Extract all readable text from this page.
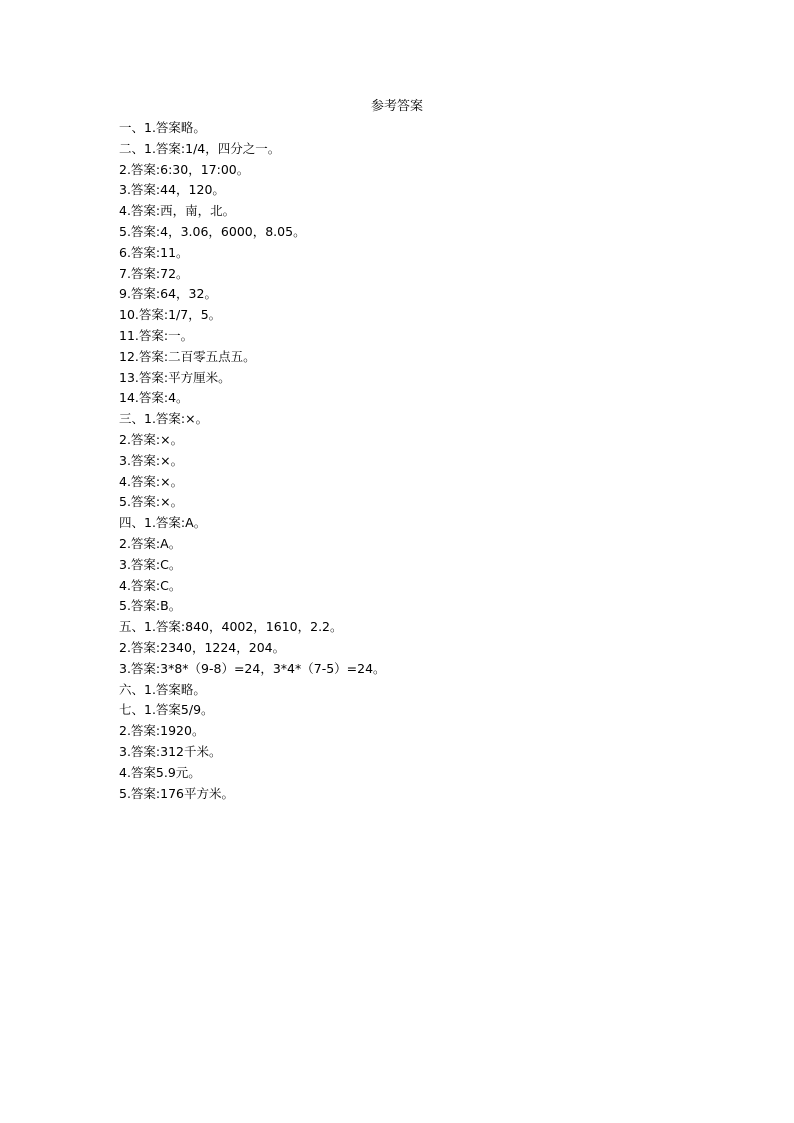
参考答案
一、1.答案略。
二、1.答案:1/4，四分之一。
2.答案:6:30，17:00。
3.答案:44，120。
4.答案:西，南，北。
5.答案:4，3.06，6000，8.05。
6.答案:11。
7.答案:72。
9.答案:64，32。
10.答案:1/7，5。
11.答案:一。
12.答案:二百零五点五。
13.答案:平方厘米。
14.答案:4。
三、1.答案:×。
2.答案:×。
3.答案:×。
4.答案:×。
5.答案:×。
四、1.答案:A。
2.答案:A。
3.答案:C。
4.答案:C。
5.答案:B。
五、1.答案:840，4002，1610，2.2。
2.答案:2340，1224，204。
3.答案:3*8*（9-8）=24，3*4*（7-5）=24。
六、1.答案略。
七、1.答案5/9。
2.答案:1920。
3.答案:312千米。
4.答案5.9元。
5.答案:176平方米。
